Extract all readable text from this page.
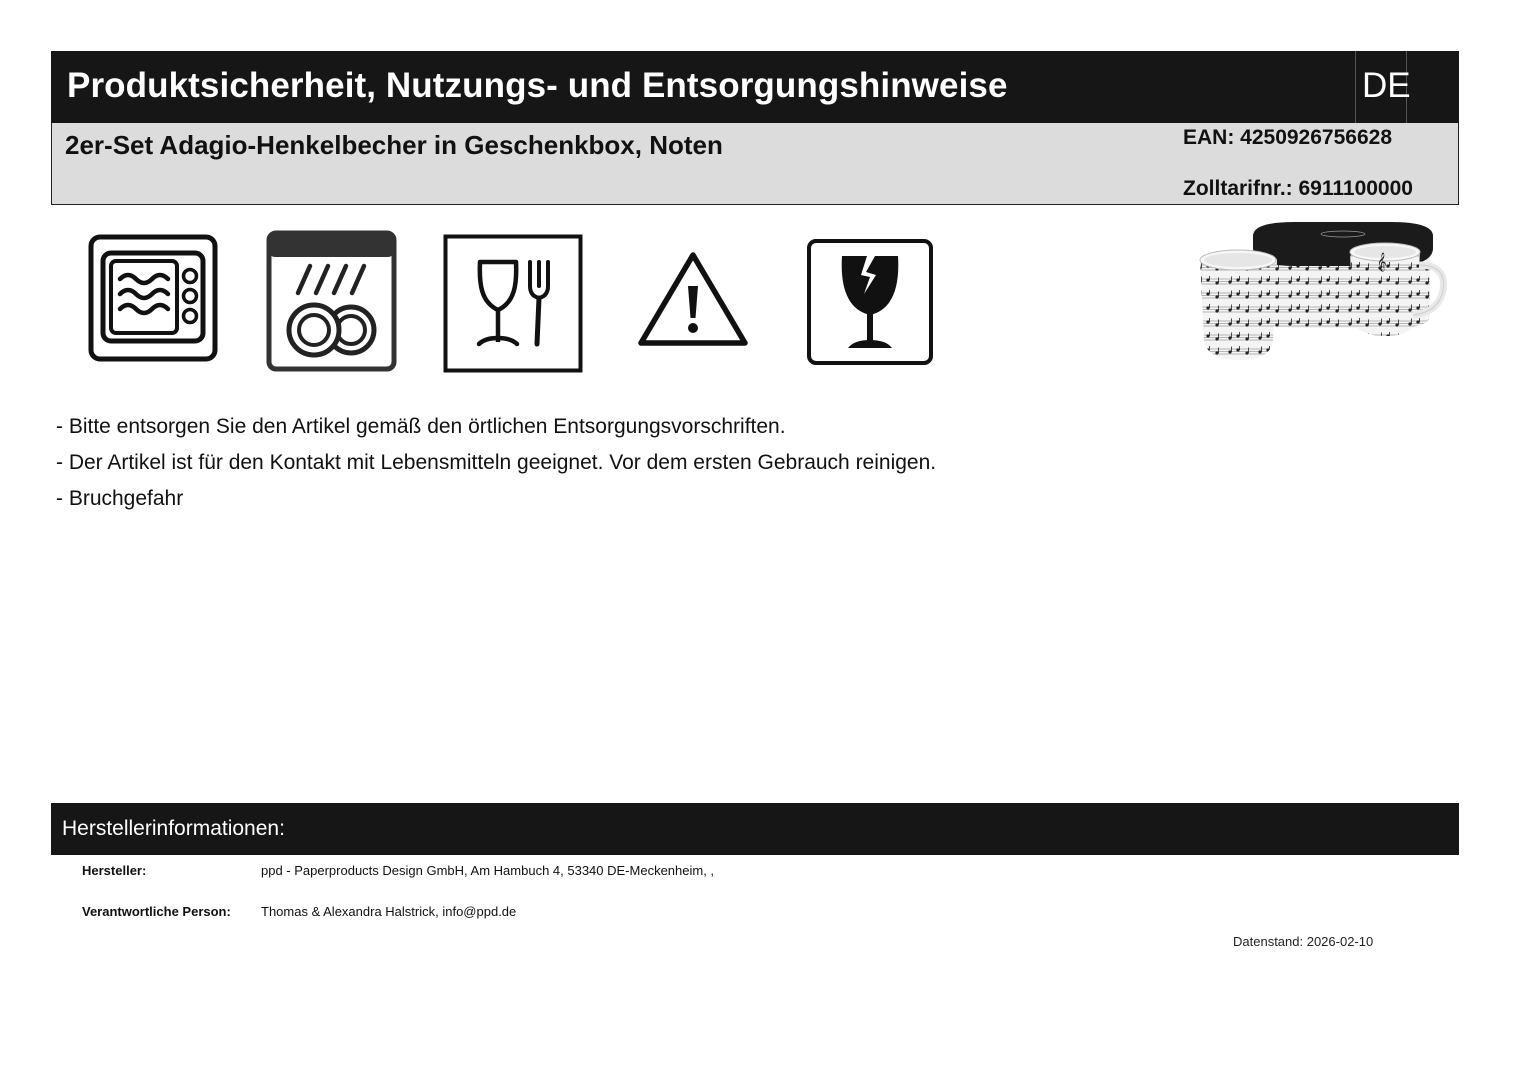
Produktsicherheit, Nutzungs- und Entsorgungshinweise	DE
2er-Set Adagio-Henkelbecher in Geschenkbox, Noten	EAN: 4250926756628
Zolltarifnr.: 6911100000
𝄞
- Bitte entsorgen Sie den Artikel gemäß den örtlichen Entsorgungsvorschriften.
- Der Artikel ist für den Kontakt mit Lebensmitteln geeignet. Vor dem ersten Gebrauch reinigen.
- Bruchgefahr
Herstellerinformationen:
Hersteller:	ppd - Paperproducts Design GmbH, Am Hambuch 4, 53340 DE-Meckenheim, ,
Verantwortliche Person: Thomas & Alexandra Halstrick, info@ppd.de
Datenstand: 2026-02-10
